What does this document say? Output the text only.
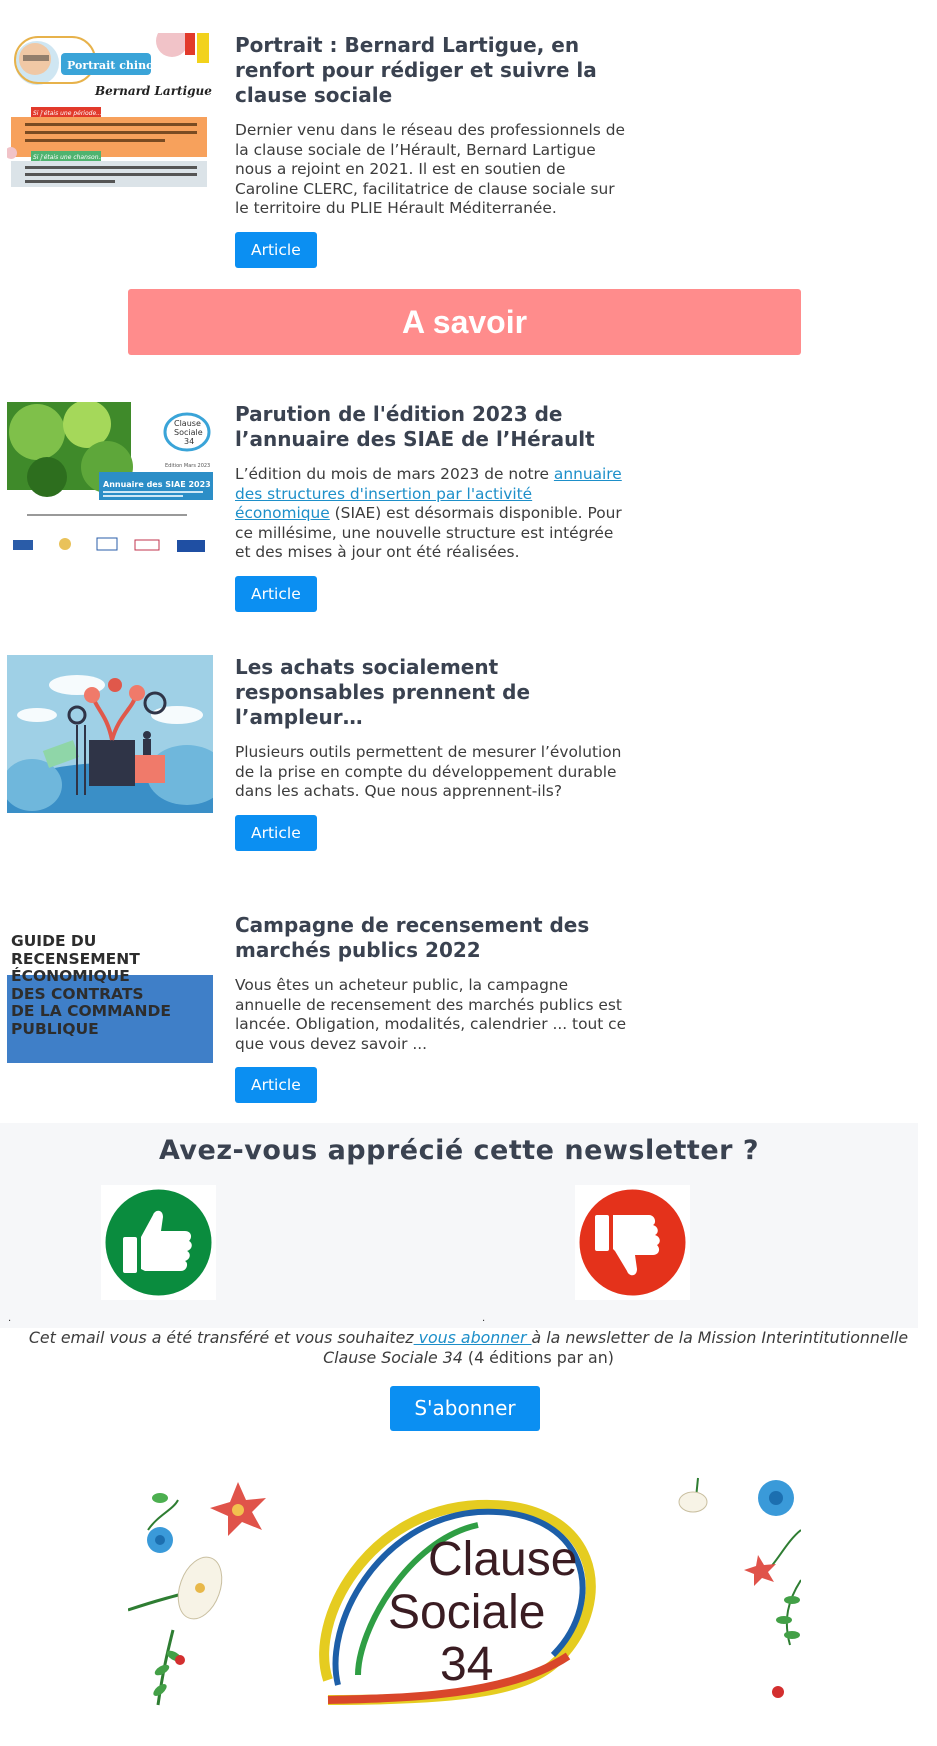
Portrait chinois
Bernard Lartigue
Si j'étais une période...
Si j'étais une chanson...
Portrait : Bernard Lartigue, en renfort pour rédiger et suivre la clause sociale
Dernier venu dans le réseau des professionnels de la clause sociale de l’Hérault, Bernard Lartigue nous a rejoint en 2021. Il est en soutien de Caroline CLERC, facilitatrice de clause sociale sur le territoire du PLIE Hérault Méditerranée.
Article
A savoir
Clause
Sociale
34
Edition Mars 2023
Annuaire des SIAE 2023
Parution de l'édition 2023 de l’annuaire des SIAE de l’Hérault
L’édition du mois de mars 2023 de notre annuaire des structures d'insertion par l'activité économique (SIAE) est désormais disponible. Pour ce millésime, une nouvelle structure est intégrée et des mises à jour ont été réalisées.
Article
Les achats socialement responsables prennent de l’ampleur…
Plusieurs outils permettent de mesurer l’évolution de la prise en compte du développement durable dans les achats. Que nous apprennent-ils?
Article
GUIDE DU
RECENSEMENT
ÉCONOMIQUE
DES CONTRATS
DE LA COMMANDE
PUBLIQUE
Campagne de recensement des marchés publics 2022
Vous êtes un acheteur public, la campagne annuelle de recensement des marchés publics est lancée. Obligation, modalités, calendrier ... tout ce que vous devez savoir ...
Article
Avez-vous apprécié cette newsletter ?
.	.
Cet email vous a été transféré et vous souhaitez vous abonner à la newsletter de la Mission Interintitutionnelle Clause Sociale 34 (4 éditions par an)
S'abonner
Clause
Sociale
34
